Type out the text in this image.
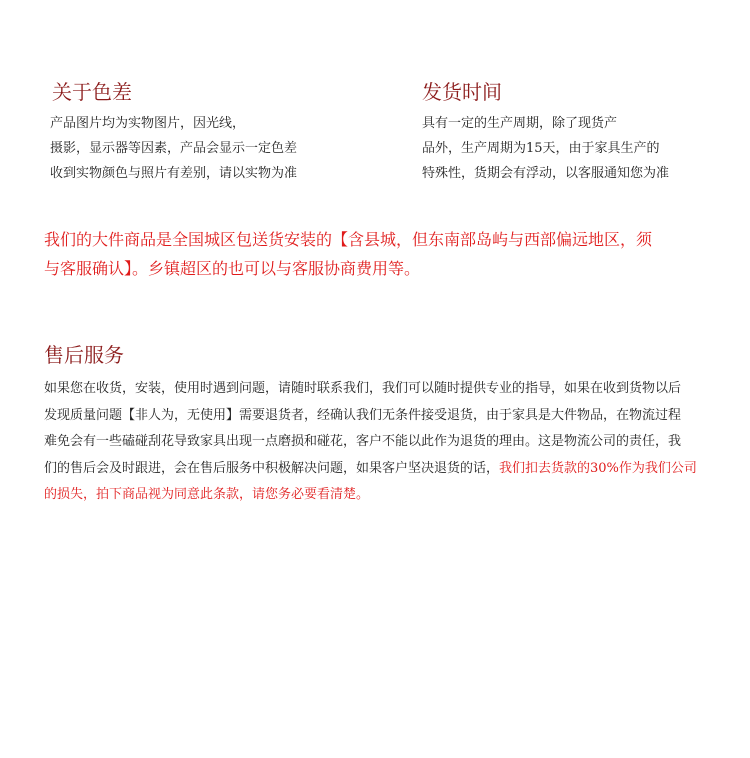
关于色差

产品图片均为实物图片，因光线，

摄影，显示器等因素，产品会显示一定色差

收到实物颜色与照片有差别，请以实物为准

发货时间

具有一定的生产周期，除了现货产

品外，生产周期为15天，由于家具生产的

特殊性，货期会有浮动，以客服通知您为准

我们的大件商品是全国城区包送货安装的【含县城，但东南部岛屿与西部偏远地区，须

与客服确认】。乡镇超区的也可以与客服协商费用等。

售后服务

如果您在收货，安装，使用时遇到问题，请随时联系我们，我们可以随时提供专业的指导，如果在收到货物以后

发现质量问题【非人为，无使用】需要退货者，经确认我们无条件接受退货，由于家具是大件物品，在物流过程

难免会有一些磕碰刮花导致家具出现一点磨损和碰花，客户不能以此作为退货的理由。这是物流公司的责任，我

们的售后会及时跟进，会在售后服务中积极解决问题，如果客户坚决退货的话，我们扣去货款的30%作为我们公司

的损失，拍下商品视为同意此条款，请您务必要看清楚。
